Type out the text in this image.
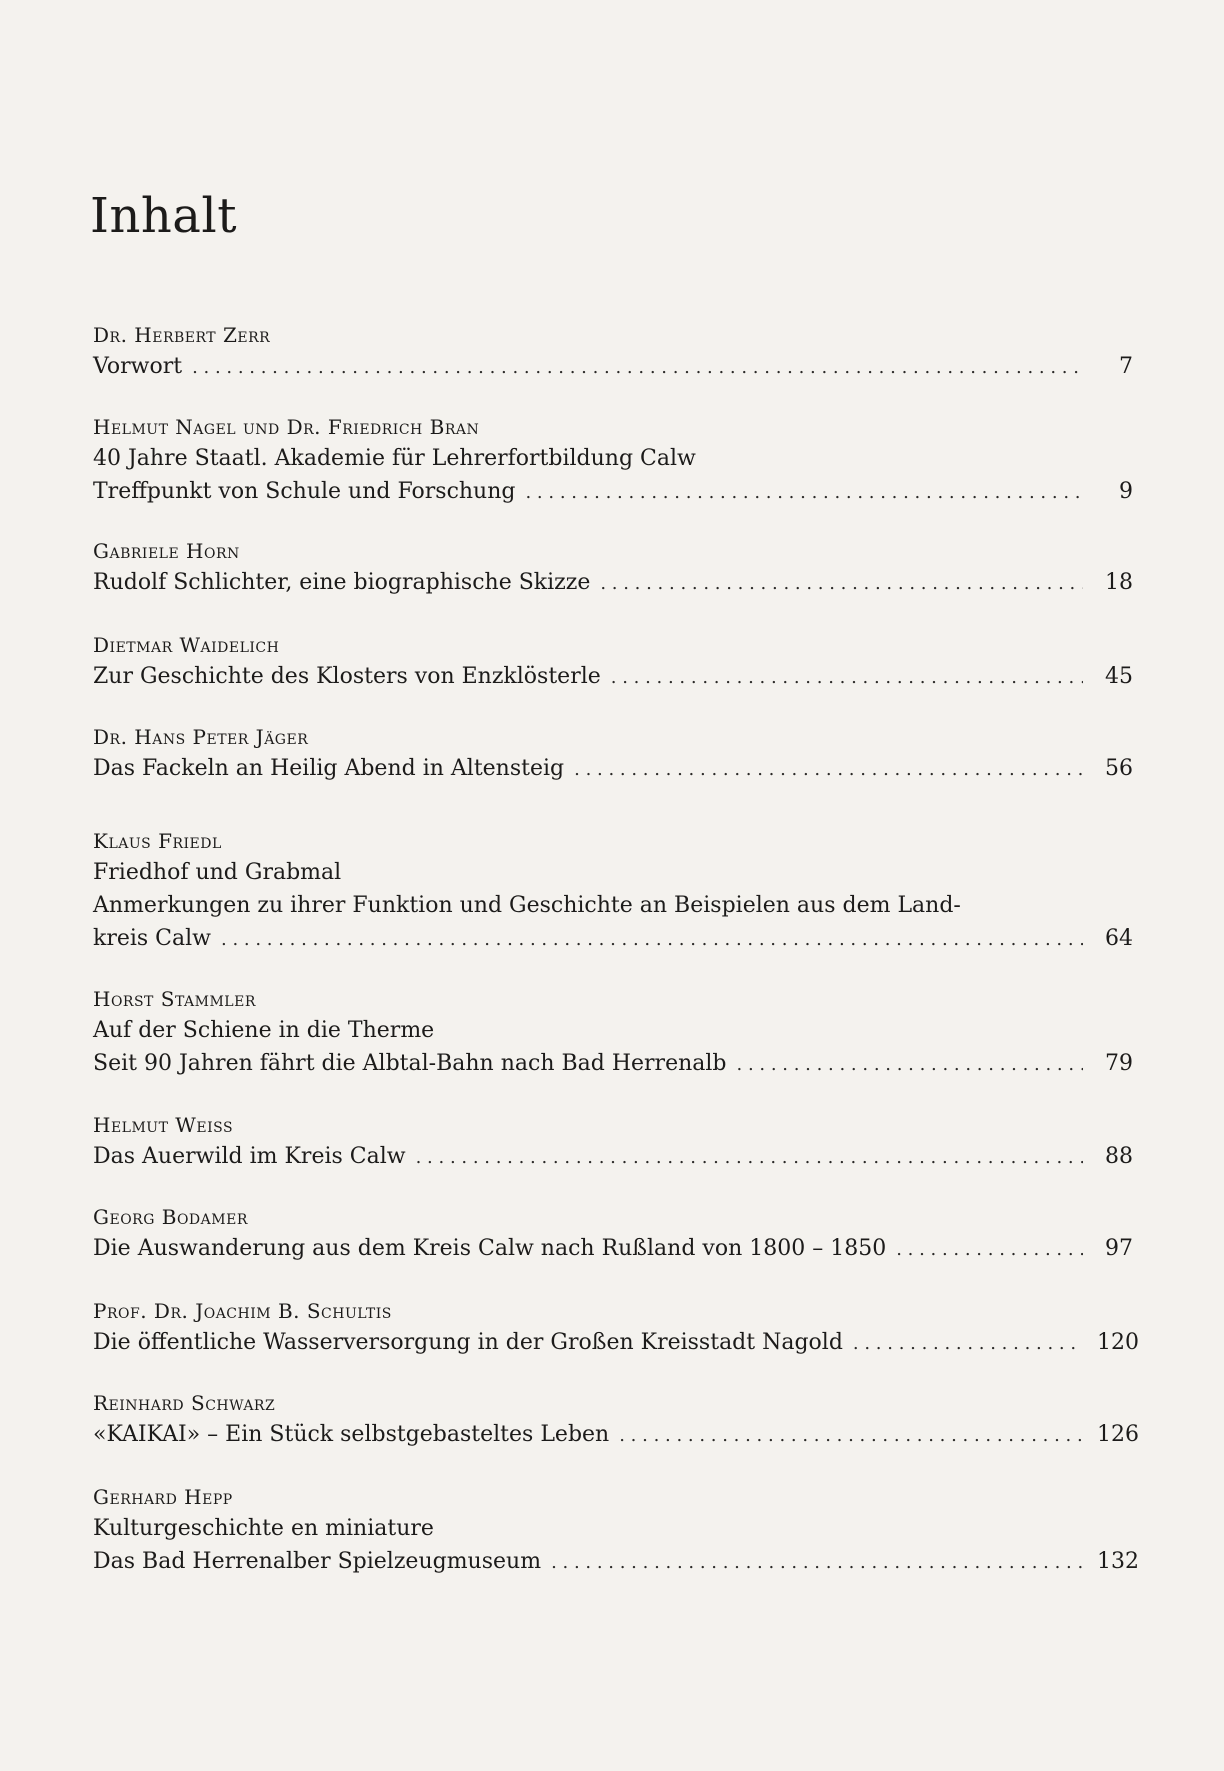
Inhalt
Dr. Herbert Zerr
Vorwort . . .	7
Helmut Nagel und Dr. Friedrich Bran
40 Jahre Staatl. Akademie für Lehrerfortbildung Calw
Treffpunkt von Schule und Forschung . . .	9
Gabriele Horn
Rudolf Schlichter, eine biographische Skizze . . .	18
Dietmar Waidelich
Zur Geschichte des Klosters von Enzklösterle . . .	45
Dr. Hans Peter Jäger
Das Fackeln an Heilig Abend in Altensteig . . .	56
Klaus Friedl
Friedhof und Grabmal
Anmerkungen zu ihrer Funktion und Geschichte an Beispielen aus dem Land-
kreis Calw . . .	64
Horst Stammler
Auf der Schiene in die Therme
Seit 90 Jahren fährt die Albtal-Bahn nach Bad Herrenalb . . .	79
Helmut Weiss
Das Auerwild im Kreis Calw . . .	88
Georg Bodamer
Die Auswanderung aus dem Kreis Calw nach Rußland von 1800 – 1850 . . .	97
Prof. Dr. Joachim B. Schultis
Die öffentliche Wasserversorgung in der Großen Kreisstadt Nagold . . .	120
Reinhard Schwarz
«KAIKAI» – Ein Stück selbstgebasteltes Leben . . .	126
Gerhard Hepp
Kulturgeschichte en miniature
Das Bad Herrenalber Spielzeugmuseum . . .	132
